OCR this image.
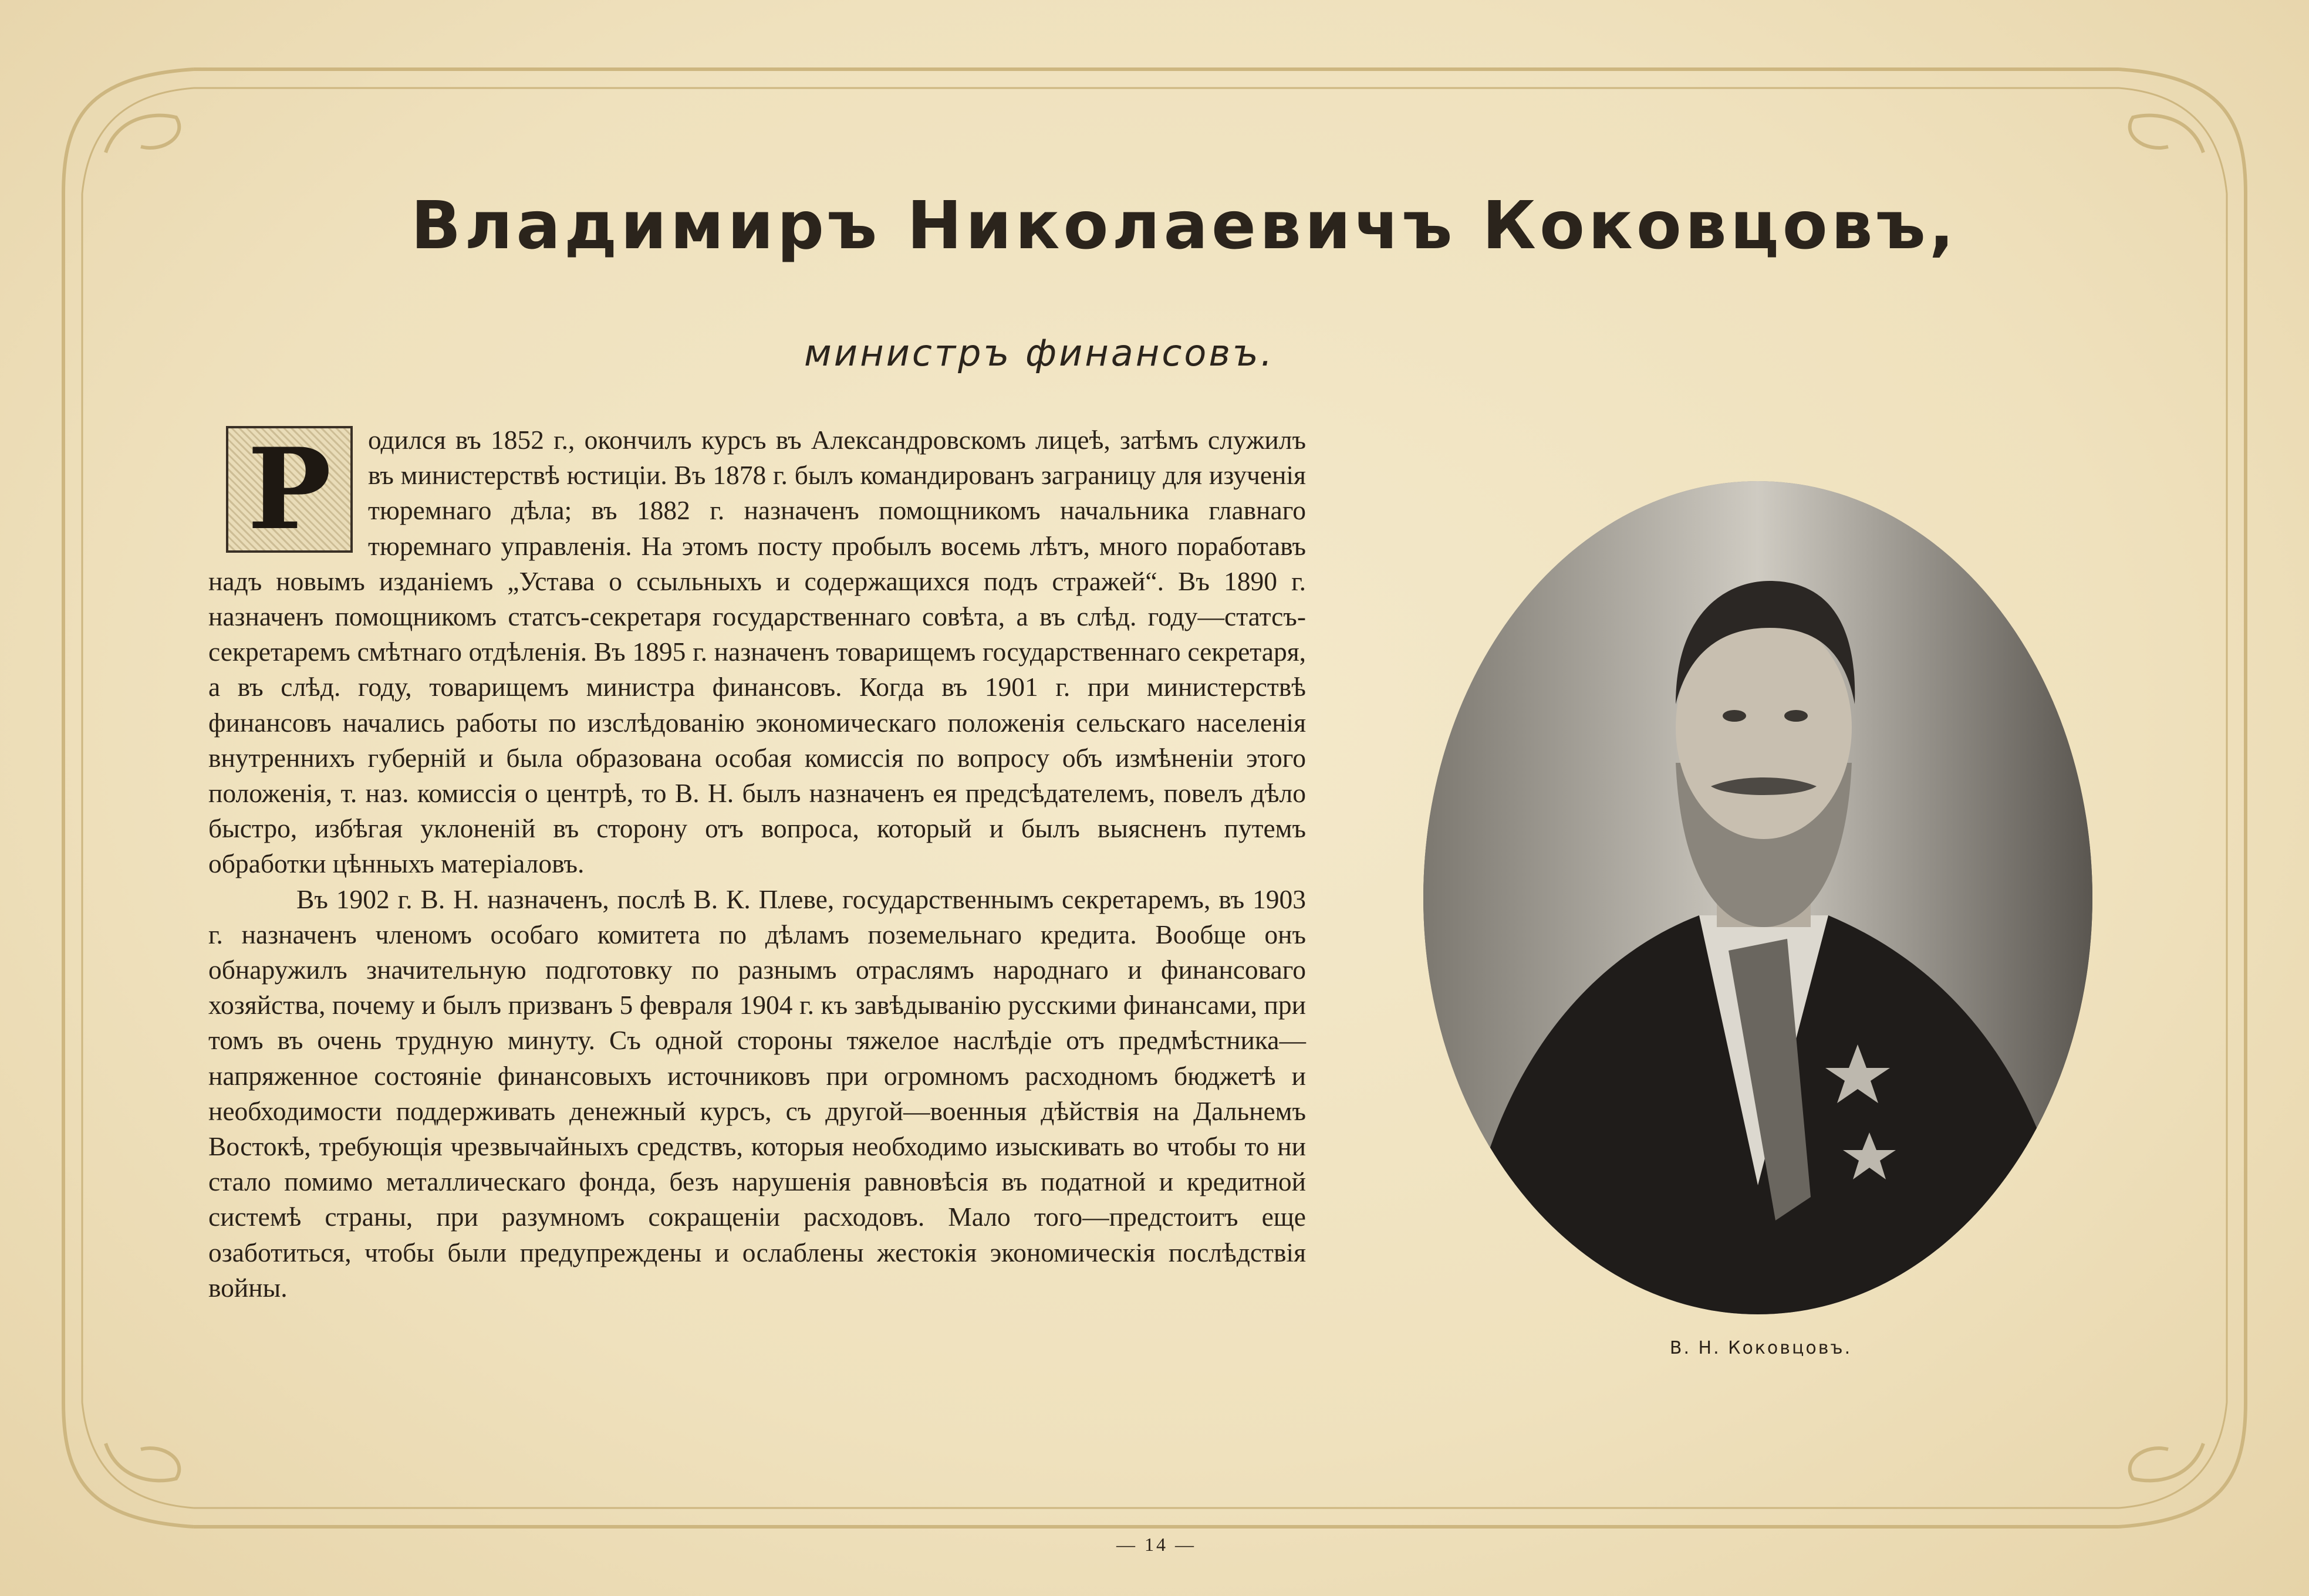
Владимиръ Николаевичъ Коковцовъ,
министръ финансовъ.

Р	одился въ 1852 г., окончилъ курсъ въ Александровскомъ лицеѣ, затѣмъ служилъ въ министерствѣ юстиціи. Въ 1878 г. былъ командированъ заграницу для изученія тюремнаго дѣла; въ 1882 г. назначенъ помощникомъ начальника главнаго тюремнаго управленія. На этомъ посту пробылъ восемь лѣтъ, много поработавъ надъ новымъ изданіемъ „Устава о ссыльныхъ и содержащихся подъ стражей“. Въ 1890 г. назначенъ помощникомъ статсъ-секретаря государственнаго совѣта, а въ слѣд. году—статсъ-секретаремъ смѣтнаго отдѣленія. Въ 1895 г. назначенъ товарищемъ государственнаго секретаря, а въ слѣд. году, товарищемъ министра финансовъ. Когда въ 1901 г. при министерствѣ финансовъ начались работы по изслѣдованію экономическаго положенія сельскаго населенія внутреннихъ губерній и была образована особая комиссія по вопросу объ измѣненіи этого положенія, т. наз. комиссія о центрѣ, то В. Н. былъ назначенъ ея предсѣдателемъ, повелъ дѣло быстро, избѣгая уклоненій въ сторону отъ вопроса, который и былъ выясненъ путемъ обработки цѣнныхъ матеріаловъ.

Въ 1902 г. В. Н. назначенъ, послѣ В. К. Плеве, государственнымъ секретаремъ, въ 1903 г. назначенъ членомъ особаго комитета по дѣламъ поземельнаго кредита. Вообще онъ обнаружилъ значительную подготовку по разнымъ отраслямъ народнаго и финансоваго хозяйства, почему и былъ призванъ 5 февраля 1904 г. къ завѣдыванію русскими финансами, при томъ въ очень трудную минуту. Съ одной стороны тяжелое наслѣдіе отъ предмѣстника—напряженное состояніе финансовыхъ источниковъ при огромномъ расходномъ бюджетѣ и необходимости поддерживать денежный курсъ, съ другой—военныя дѣйствія на Дальнемъ Востокѣ, требующія чрезвычайныхъ средствъ, которыя необходимо изыскивать во чтобы то ни стало помимо металлическаго фонда, безъ нарушенія равновѣсія въ податной и кредитной системѣ страны, при разумномъ сокращеніи расходовъ. Мало того—предстоитъ еще озаботиться, чтобы были предупреждены и ослаблены жестокія экономическія послѣдствія войны.

В. Н. Коковцовъ.
— 14 —
